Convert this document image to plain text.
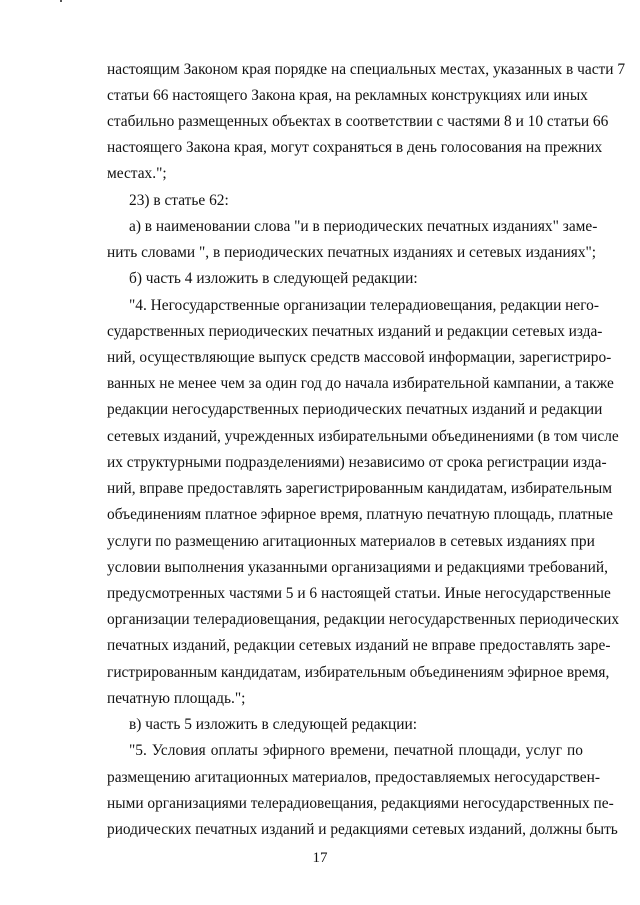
настоящим Законом края порядке на специальных местах, указанных в части 7
статьи 66 настоящего Закона края, на рекламных конструкциях или иных
стабильно размещенных объектах в соответствии с частями 8 и 10 статьи 66
настоящего Закона края, могут сохраняться в день голосования на прежних
местах.";
23) в статье 62:
а) в наименовании слова "и в периодических печатных изданиях" заме-
нить словами ", в периодических печатных изданиях и сетевых изданиях";
б) часть 4 изложить в следующей редакции:
"4. Негосударственные организации телерадиовещания, редакции него-
сударственных периодических печатных изданий и редакции сетевых изда-
ний, осуществляющие выпуск средств массовой информации, зарегистриро-
ванных не менее чем за один год до начала избирательной кампании, а также
редакции негосударственных периодических печатных изданий и редакции
сетевых изданий, учрежденных избирательными объединениями (в том числе
их структурными подразделениями) независимо от срока регистрации изда-
ний, вправе предоставлять зарегистрированным кандидатам, избирательным
объединениям платное эфирное время, платную печатную площадь, платные
услуги по размещению агитационных материалов в сетевых изданиях при
условии выполнения указанными организациями и редакциями требований,
предусмотренных частями 5 и 6 настоящей статьи. Иные негосударственные
организации телерадиовещания, редакции негосударственных периодических
печатных изданий, редакции сетевых изданий не вправе предоставлять заре-
гистрированным кандидатам, избирательным объединениям эфирное время,
печатную площадь.";
в) часть 5 изложить в следующей редакции:
"5. Условия оплаты эфирного времени, печатной площади, услуг по
размещению агитационных материалов, предоставляемых негосударствен-
ными организациями телерадиовещания, редакциями негосударственных пе-
риодических печатных изданий и редакциями сетевых изданий, должны быть
17
